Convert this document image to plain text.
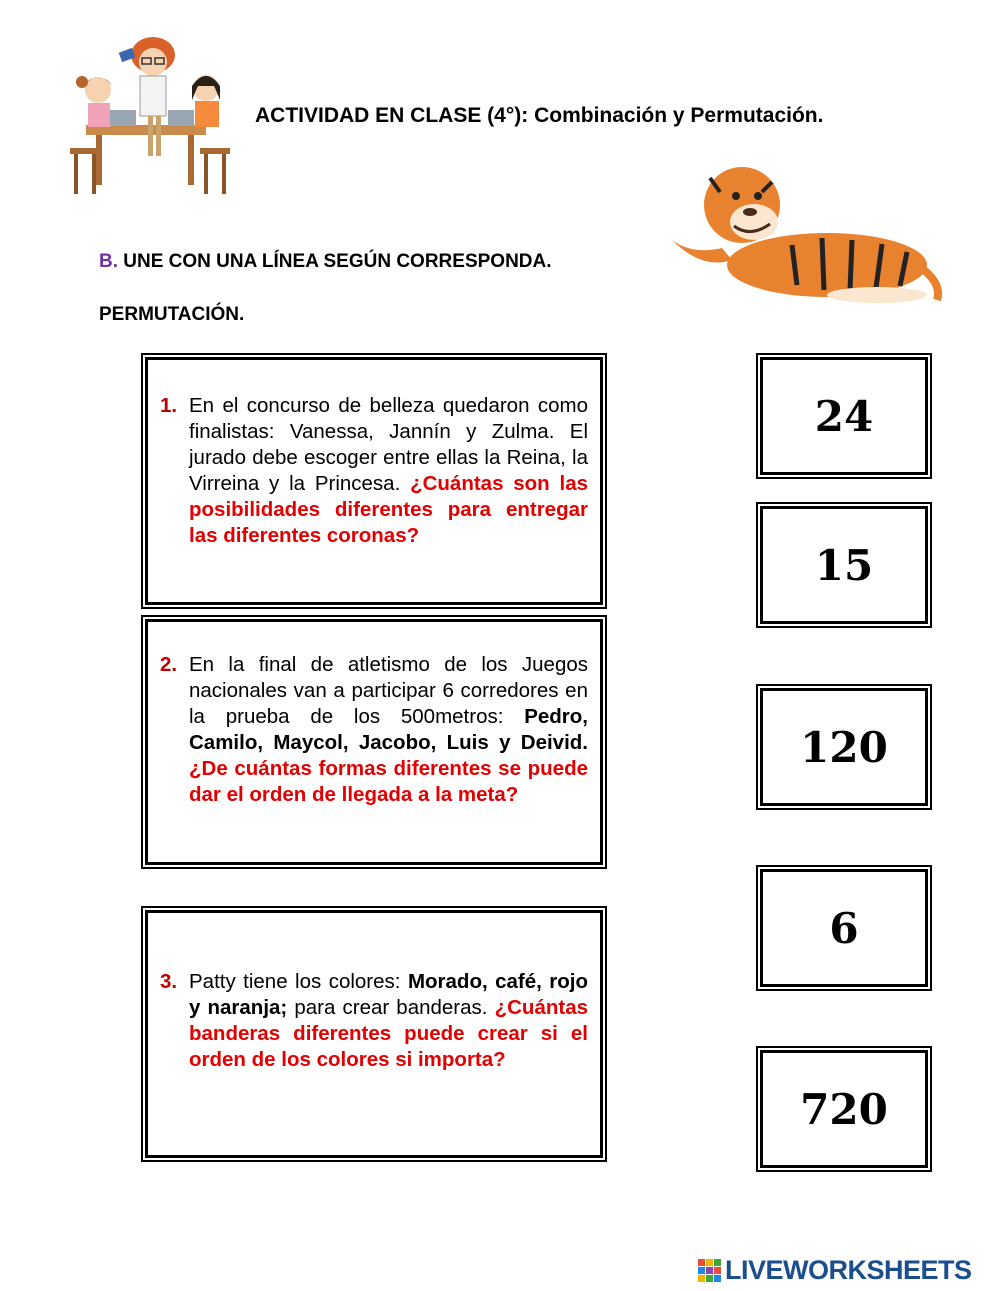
ACTIVIDAD EN CLASE (4°): Combinación y Permutación.
B. UNE CON UNA LÍNEA SEGÚN CORRESPONDA.
PERMUTACIÓN.
1. En el concurso de belleza quedaron como finalistas: Vanessa, Jannín y Zulma. El jurado debe escoger entre ellas la Reina, la Virreina y la Princesa. ¿Cuántas son las posibilidades diferentes para entregar las diferentes coronas?
2. En la final de atletismo de los Juegos nacionales van a participar 6 corredores en la prueba de los 500metros: Pedro, Camilo, Maycol, Jacobo, Luis y Deivid. ¿De cuántas formas diferentes se puede dar el orden de llegada a la meta?
3. Patty tiene los colores: Morado, café, rojo y naranja; para crear banderas. ¿Cuántas banderas diferentes puede crear si el orden de los colores si importa?
24
15
120
6
720
LIVEWORKSHEETS
